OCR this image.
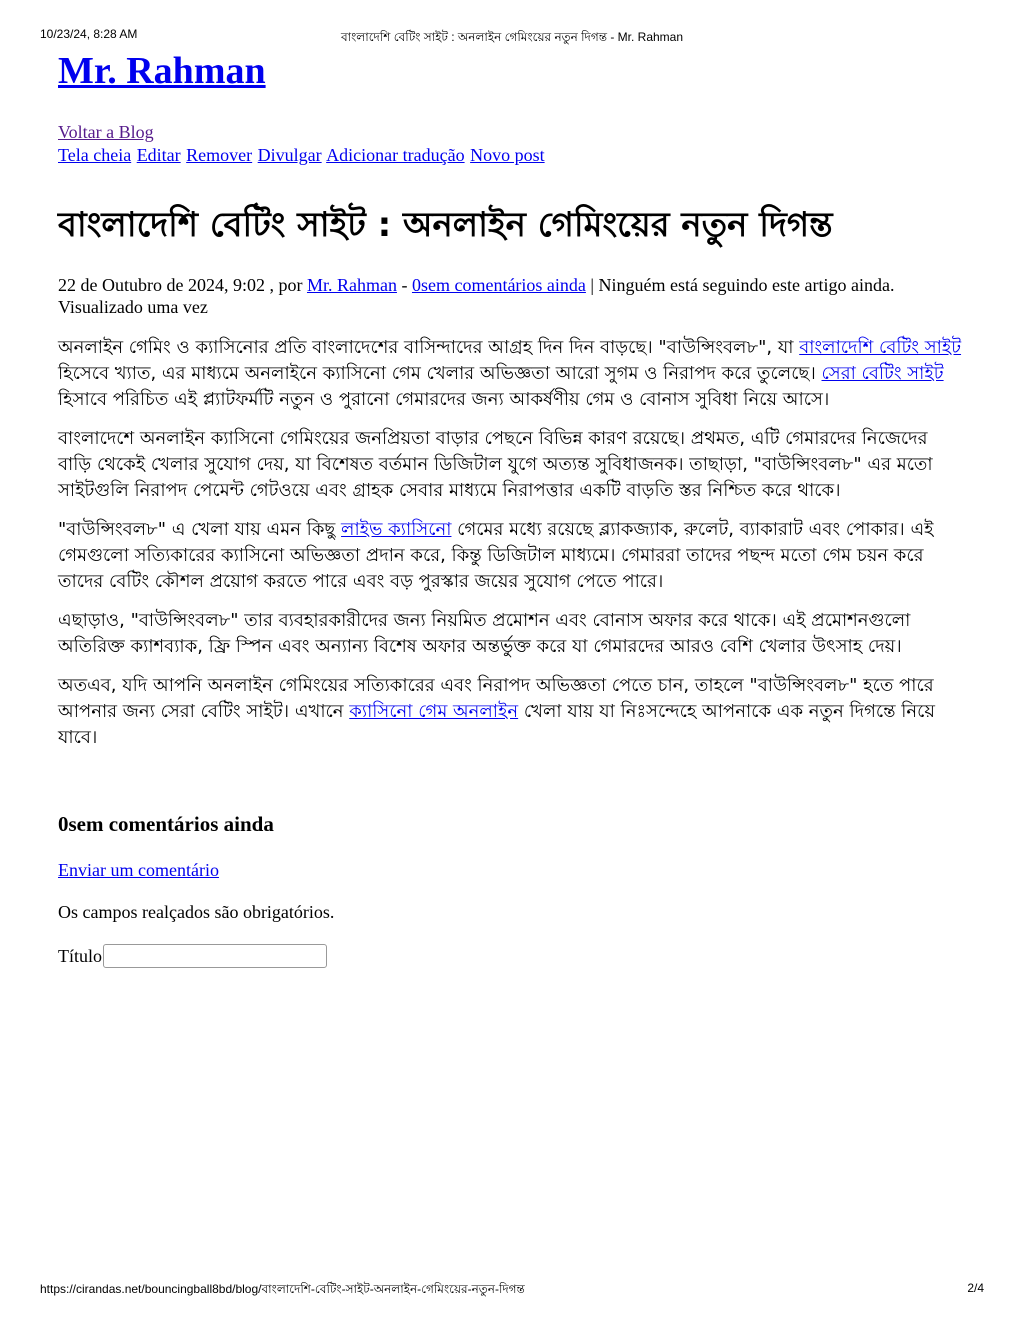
10/23/24, 8:28 AM	বাংলাদেশি বেটিং সাইট : অনলাইন গেমিংয়ের নতুন দিগন্ত - Mr. Rahman
Mr. Rahman
Voltar a Blog
Tela cheia Editar Remover Divulgar Adicionar tradução Novo post
বাংলাদেশি বেটিং সাইট : অনলাইন গেমিংয়ের নতুন দিগন্ত
22 de Outubro de 2024, 9:02 , por Mr. Rahman - 0sem comentários ainda | Ninguém está seguindo este artigo ainda.
Visualizado uma vez

অনলাইন গেমিং ও ক্যাসিনোর প্রতি বাংলাদেশের বাসিন্দাদের আগ্রহ দিন দিন বাড়ছে। "বাউন্সিংবল৮", যা বাংলাদেশি বেটিং সাইট হিসেবে খ্যাত, এর মাধ্যমে অনলাইনে ক্যাসিনো গেম খেলার অভিজ্ঞতা আরো সুগম ও নিরাপদ করে তুলেছে। সেরা বেটিং সাইট হিসাবে পরিচিত এই প্ল্যাটফর্মটি নতুন ও পুরানো গেমারদের জন্য আকর্ষণীয় গেম ও বোনাস সুবিধা নিয়ে আসে।

বাংলাদেশে অনলাইন ক্যাসিনো গেমিংয়ের জনপ্রিয়তা বাড়ার পেছনে বিভিন্ন কারণ রয়েছে। প্রথমত, এটি গেমারদের নিজেদের বাড়ি থেকেই খেলার সুযোগ দেয়, যা বিশেষত বর্তমান ডিজিটাল যুগে অত্যন্ত সুবিধাজনক। তাছাড়া, "বাউন্সিংবল৮" এর মতো সাইটগুলি নিরাপদ পেমেন্ট গেটওয়ে এবং গ্রাহক সেবার মাধ্যমে নিরাপত্তার একটি বাড়তি স্তর নিশ্চিত করে থাকে।

"বাউন্সিংবল৮" এ খেলা যায় এমন কিছু লাইভ ক্যাসিনো গেমের মধ্যে রয়েছে ব্ল্যাকজ্যাক, রুলেট, ব্যাকারাট এবং পোকার। এই গেমগুলো সত্যিকারের ক্যাসিনো অভিজ্ঞতা প্রদান করে, কিন্তু ডিজিটাল মাধ্যমে। গেমাররা তাদের পছন্দ মতো গেম চয়ন করে তাদের বেটিং কৌশল প্রয়োগ করতে পারে এবং বড় পুরস্কার জয়ের সুযোগ পেতে পারে।

এছাড়াও, "বাউন্সিংবল৮" তার ব্যবহারকারীদের জন্য নিয়মিত প্রমোশন এবং বোনাস অফার করে থাকে। এই প্রমোশনগুলো অতিরিক্ত ক্যাশব্যাক, ফ্রি স্পিন এবং অন্যান্য বিশেষ অফার অন্তর্ভুক্ত করে যা গেমারদের আরও বেশি খেলার উৎসাহ দেয়।

অতএব, যদি আপনি অনলাইন গেমিংয়ের সত্যিকারের এবং নিরাপদ অভিজ্ঞতা পেতে চান, তাহলে "বাউন্সিংবল৮" হতে পারে আপনার জন্য সেরা বেটিং সাইট। এখানে ক্যাসিনো গেম অনলাইন খেলা যায় যা নিঃসন্দেহে আপনাকে এক নতুন দিগন্তে নিয়ে যাবে।

0sem comentários ainda
Enviar um comentário
Os campos realçados são obrigatórios.
Título
https://cirandas.net/bouncingball8bd/blog/বাংলাদেশি-বেটিং-সাইট-অনলাইন-গেমিংয়ের-নতুন-দিগন্ত	2/4
